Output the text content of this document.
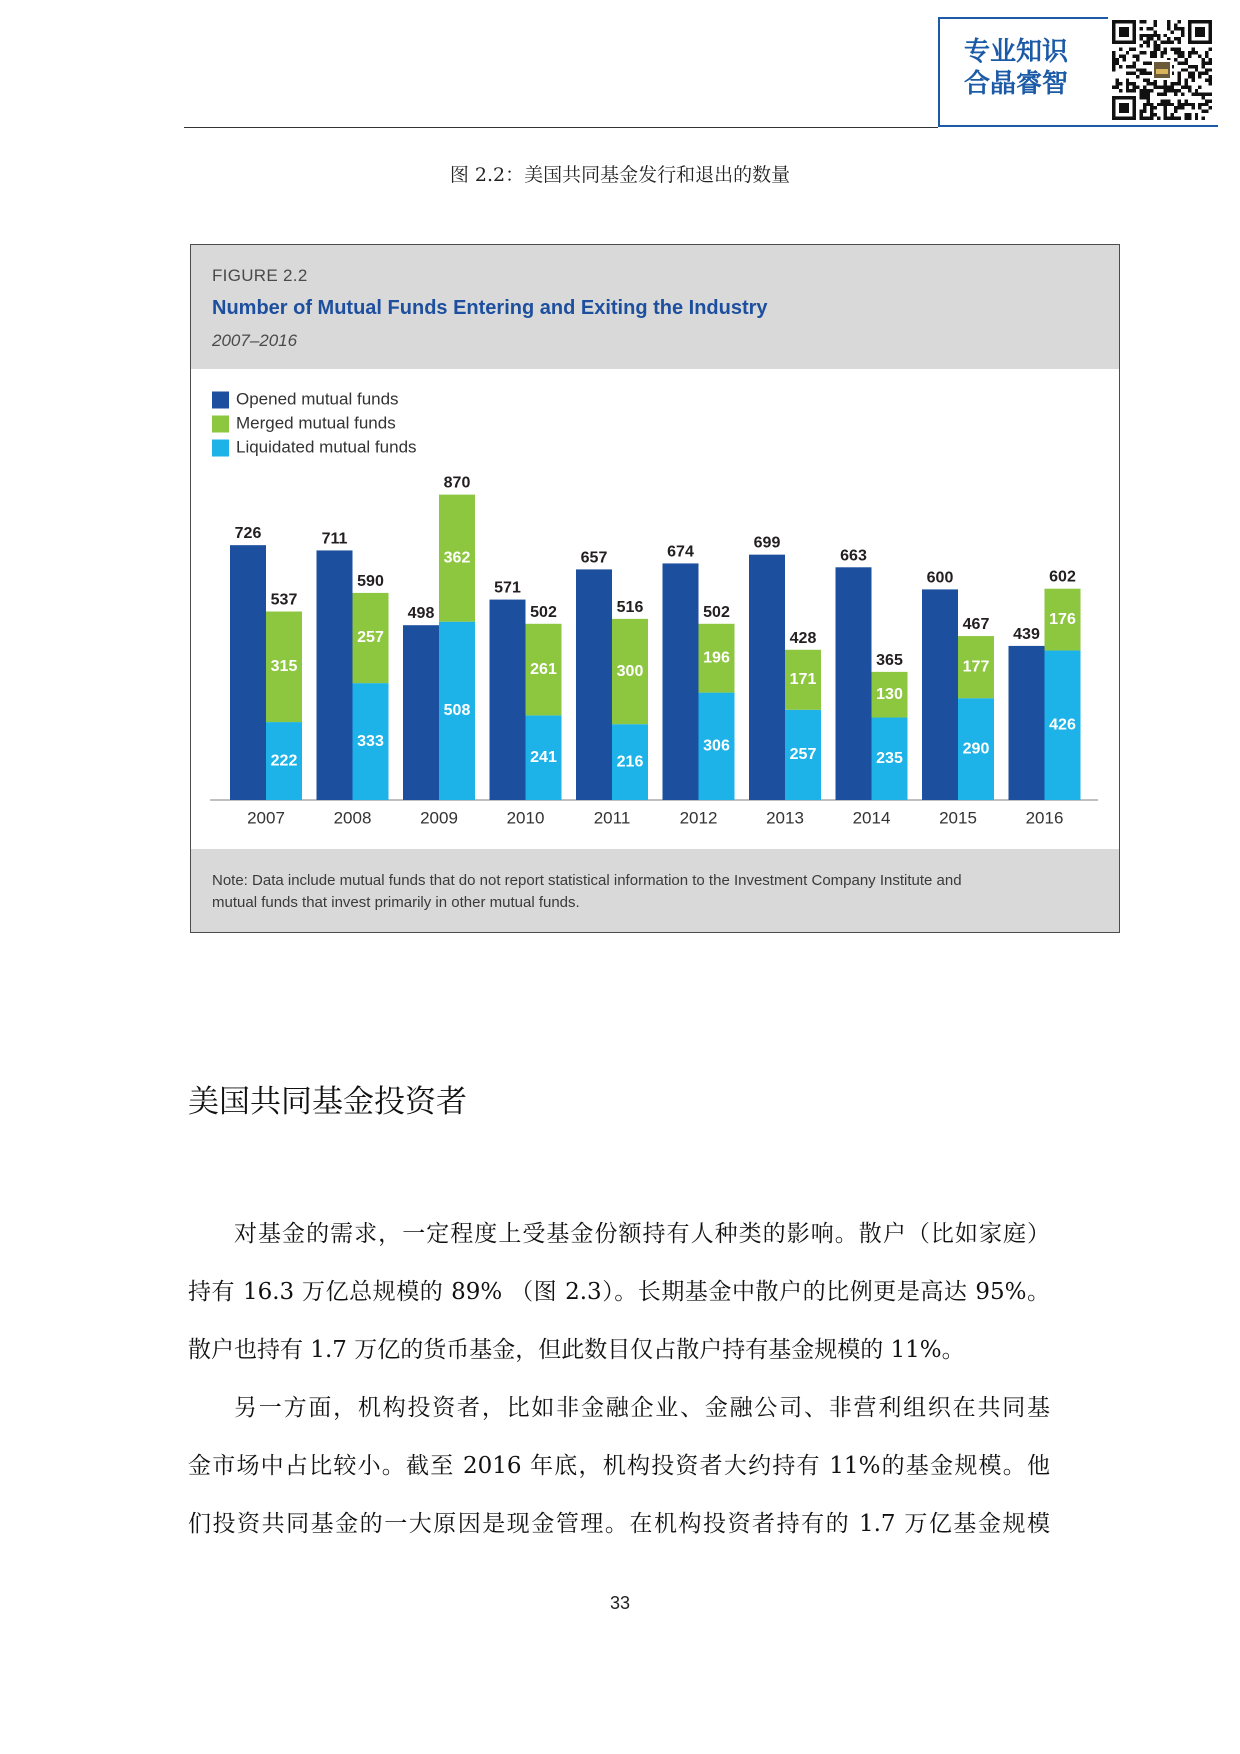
专业知识
合晶睿智
图 2.2：美国共同基金发行和退出的数量
FIGURE 2.2
Number of Mutual Funds Entering and Exiting the Industry
2007–2016
Opened mutual funds
Merged mutual funds
Liquidated mutual funds
726
222
315
537
2007
711
333
257
590
2008
498
508
362
870
2009
571
241
261
502
2010
657
216
300
516
2011
674
306
196
502
2012
699
257
171
428
2013
663
235
130
365
2014
600
290
177
467
2015
439
426
176
602
2016
Note: Data include mutual funds that do not report statistical information to the Investment Company Institute and
mutual funds that invest primarily in other mutual funds.
美国共同基金投资者
对基金的需求，一定程度上受基金份额持有人种类的影响。散户（比如家庭）
持有 16.3 万亿总规模的 89% （图 2.3）。长期基金中散户的比例更是高达 95%。
散户也持有 1.7 万亿的货币基金，但此数目仅占散户持有基金规模的 11%。
另一方面，机构投资者，比如非金融企业、金融公司、非营利组织在共同基
金市场中占比较小。截至 2016 年底，机构投资者大约持有 11%的基金规模。他
们投资共同基金的一大原因是现金管理。在机构投资者持有的 1.7 万亿基金规模
33
